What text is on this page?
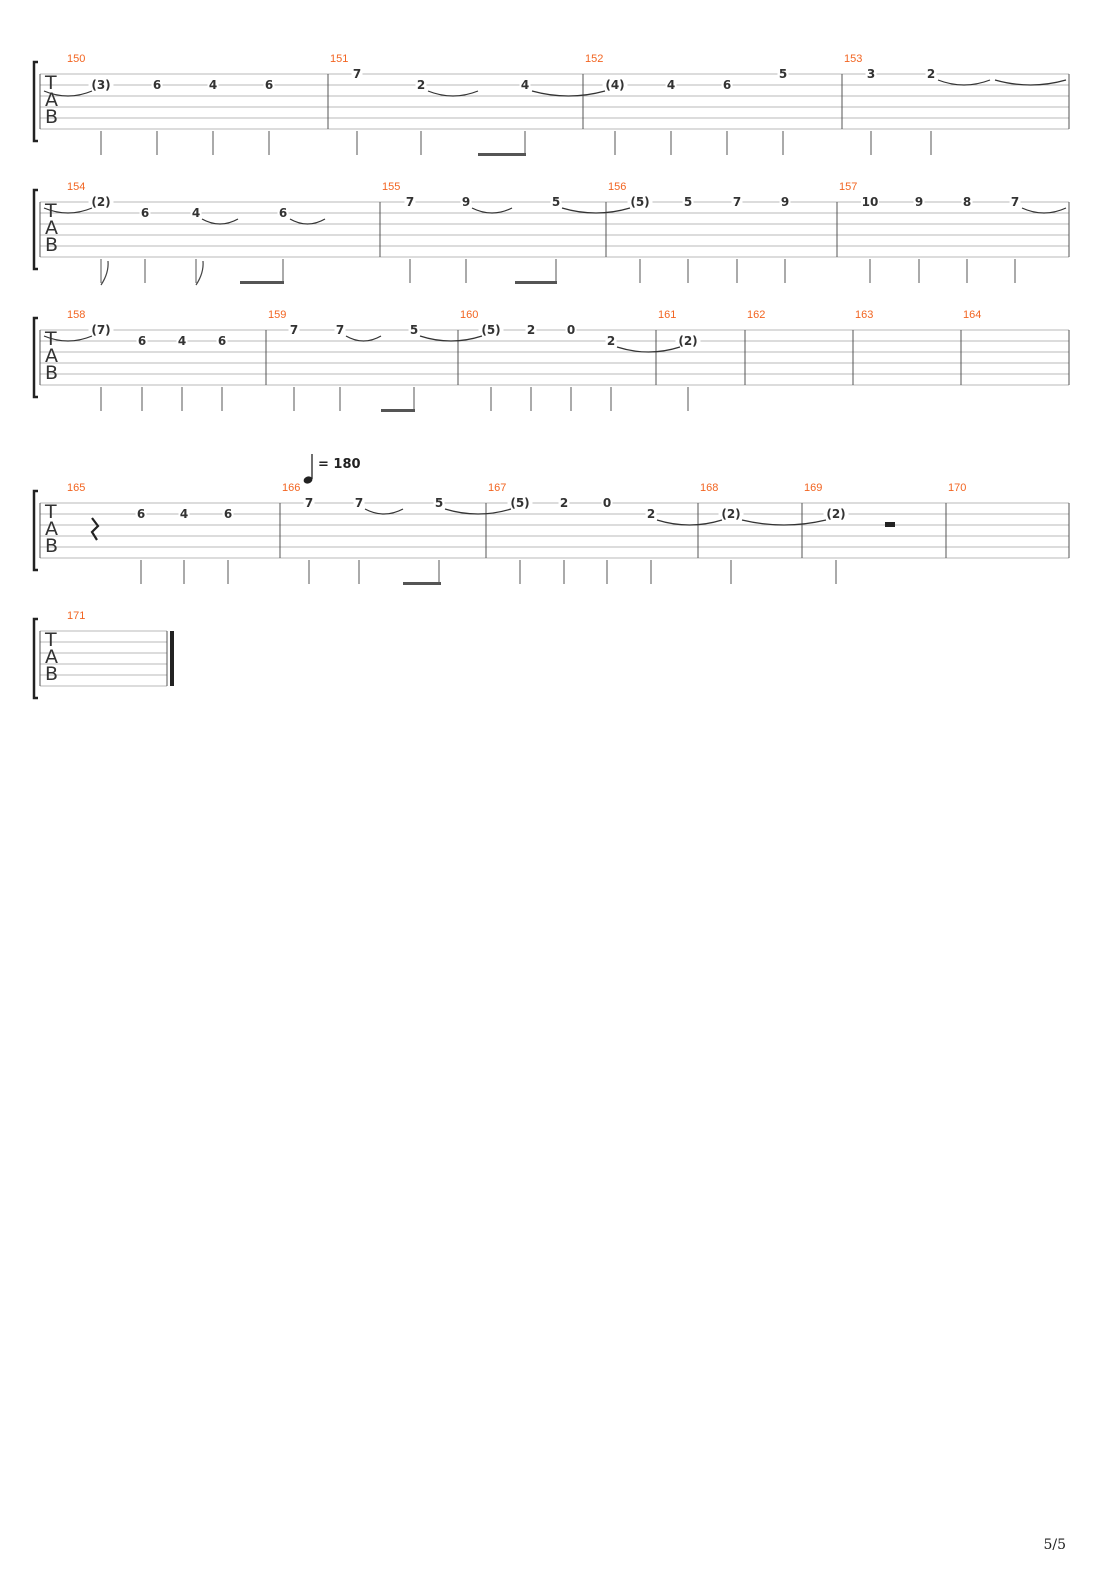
T
A
B
150
(3)	6	4	6
151
7
2	4
152
(4)	4	6
5
153
3	2
T
A
B
154
(2)
6	4	6
155
7	9	5
156
(5)	5	7	9
157
10	9	8	7
T
A
B
158
(7)
6	4	6
159
7	7	5
160
(5) 2	0
2
161
(2)
162	163	164
T
A
B
165
6	4	6
166
7	7	5
167
(5)	2	0
2
168
(2)
169
(2)
170
T
A
B
171
= 180
5/5
